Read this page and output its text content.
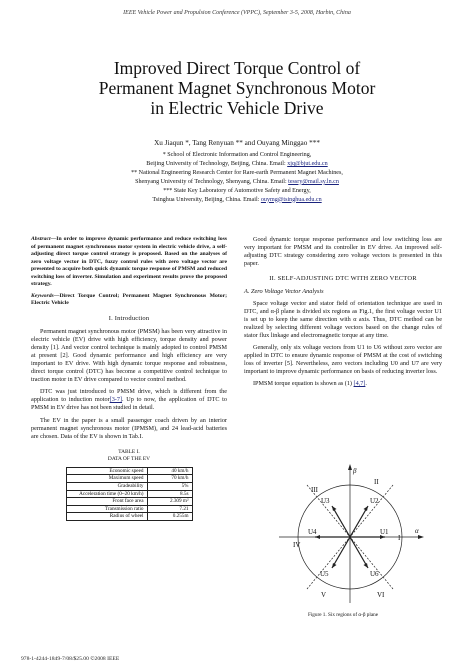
IEEE Vehicle Power and Propulsion Conference (VPPC), September 3-5, 2008, Harbin, China
Improved Direct Torque Control of
Permanent Magnet Synchronous Motor
in Electric Vehicle Drive
Xu Jiaqun *, Tang Renyuan ** and Ouyang Minggao ***
* School of Electronic Information and Control Engineering,
Beijing University of Technology, Beijing, China. Email: xjq@bjut.edu.cn
** National Engineering Research Center for Rare-earth Permanent Magnet Machines,
Shenyang University of Technology, Shenyang, China. Email: tessry@mail.sy.ln.cn
*** State Key Laboratory of Automotive Safety and Energy,
Tsinghua University, Beijing, China. Email: ouymg@tsinghua.edu.cn

Abstract—In order to improve dynamic performance and reduce switching loss of permanent magnet synchronous motor system in electric vehicle drive, a self-adjusting direct torque control strategy is proposed. Based on the analyses of zero voltage vector in DTC, fuzzy control rules with zero voltage vector are presented to acquire both quick dynamic torque response of PMSM and reduced switching loss of inverter. Simulation and experiment results prove the proposed strategy.

Keywords—Direct Torque Control; Permanent Magnet Synchronous Motor; Electric Vehicle

I. Introduction

Permanent magnet synchronous motor (PMSM) has been very attractive in electric vehicle (EV) drive with high efficiency, torque density and power density [1]. And vector control technique is mainly adopted to control PMSM at present [2]. Good dynamic performance and high efficiency are very important to EV drive. With high dynamic torque response and robustness, direct torque control (DTC) has become a competitive control technique to traction motor in EV drive compared to vector control method.

DTC was just introduced to PMSM drive, which is different from the application to induction motor[3-7]. Up to now, the application of DTC to PMSM in EV drive has not been studied in detail.

The EV in the paper is a small passenger coach driven by an interior permanent magnet synchronous motor (IPMSM), and 24 lead-acid batteries are chosen. Data of the EV is shown in Tab.I.

TABLE I.
DATA OF THE EV
Economic speed	40 km/h
Maximum speed	70 km/h
Gradeability	5%
Acceleration time (0~20 km/h)	8.5s
Front face area	2.309 m²
Transmission ratio	7.21
Radius of wheel	0.255m

Good dynamic torque response performance and low switching loss are very important for PMSM and its controller in EV drive. An improved self-adjusting DTC strategy considering zero voltage vectors is presented in this paper.

II. SELF-ADJUSTING DTC WITH ZERO VECTOR
A. Zero Voltage Vector Analysis

Space voltage vector and stator field of orientation technique are used in DTC, and α-β plane is divided six regions as Fig.1, the first voltage vector U1 is set up to keep the same direction with α axis. Thus, DTC method can be realized by selecting different voltage vectors based on the change rules of stator flux linkage and electromagnetic torque at any time.

Generally, only six voltage vectors from U1 to U6 without zero vector are applied in DTC to ensure dynamic response of PMSM at the cost of switching loss of inverter [5]. Nevertheless, zero vectors including U0 and U7 are very important to improve dynamic performance on basis of reducing inverter loss.

IPMSM torque equation is shown as (1) [4,7].

β
α
U3	U2
U4	U1
U5	U6
I
II
III
IV
V	VI
Figure 1. Six regions of α-β plane
978-1-4244-1849-7/08/$25.00 ©2008 IEEE
